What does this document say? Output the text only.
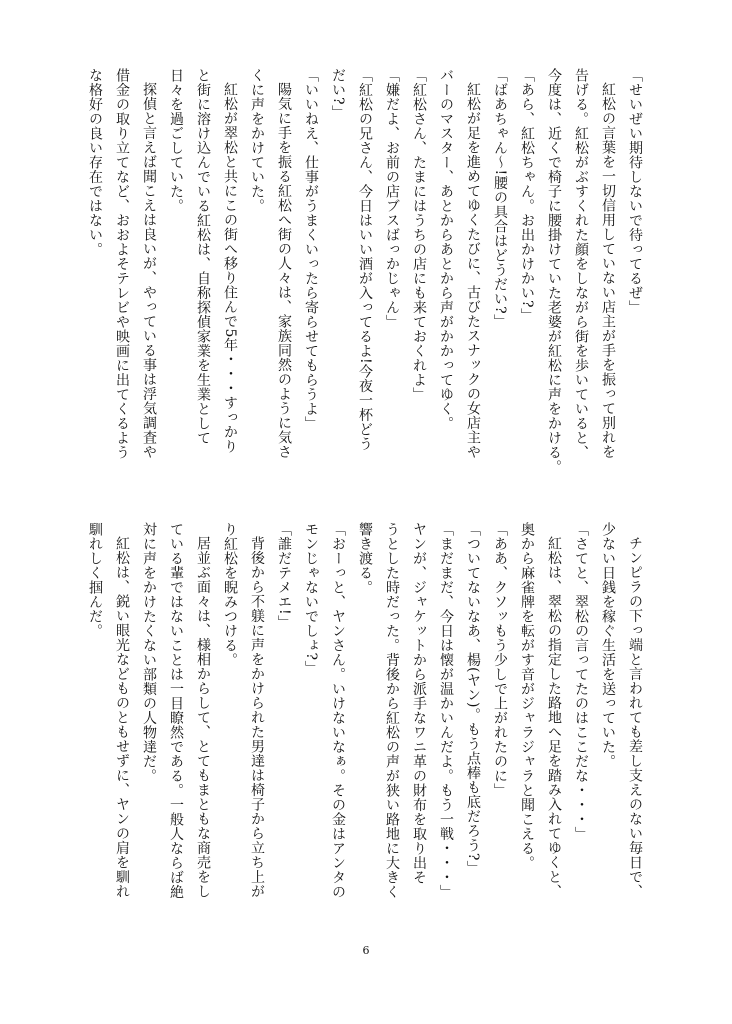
「せいぜい期待しないで待ってるぜ」

紅松の言葉を一切信用していない店主が手を振って別れを

告げる。紅松がぶすくれた顔をしながら街を歩いていると、

今度は、近くで椅子に腰掛けていた老婆が紅松に声をかける。

「あら、紅松ちゃん。お出かけかい?」

「ばあちゃん～!腰の具合はどうだい?」

紅松が足を進めてゆくたびに、古びたスナックの女店主や

バーのマスター、あとからあとから声がかかってゆく。

「紅松さん、たまにはうちの店にも来ておくれよ」

「嫌だよ、お前の店ブスばっかじゃん」

「紅松の兄さん、今日はいい酒が入ってるよ!今夜一杯どう

だい?」

「いいねえ、仕事がうまくいったら寄らせてもらうよ」

陽気に手を振る紅松へ街の人々は、家族同然のように気さ

くに声をかけていた。

紅松が翠松と共にこの街へ移り住んで5年・・・すっかり

と街に溶け込んでいる紅松は、自称探偵家業を生業として

日々を過ごしていた。

探偵と言えば聞こえは良いが、やっている事は浮気調査や

借金の取り立てなど、おおよそテレビや映画に出てくるよう

な格好の良い存在ではない。

チンピラの下っ端と言われても差し支えのない毎日で、

少ない日銭を稼ぐ生活を送っていた。

「さてと、翠松の言ってたのはここだな・・・」

紅松は、翠松の指定した路地へ足を踏み入れてゆくと、

奥から麻雀牌を転がす音がジャラジャラと聞こえる。

「ああ、クソッもう少しで上がれたのに」

「ついてないなあ、楊(ヤン)。もう点棒も底だろう?」

「まだまだ、今日は懐が温かいんだよ。もう一戦・・・」

ヤンが、ジャケットから派手なワニ革の財布を取り出そ

うとした時だった。背後から紅松の声が狭い路地に大きく

響き渡る。

「おーっと、ヤンさん。いけないなぁ。その金はアンタの

モンじゃないでしょ?」

「誰だテメエ!」

背後から不躾に声をかけられた男達は椅子から立ち上が

り紅松を睨みつける。

居並ぶ面々は、様相からして、とてもまともな商売をし

ている輩ではないことは一目瞭然である。一般人ならば絶

対に声をかけたくない部類の人物達だ。

紅松は、鋭い眼光などものともせずに、ヤンの肩を馴れ

馴れしく掴んだ。

6
